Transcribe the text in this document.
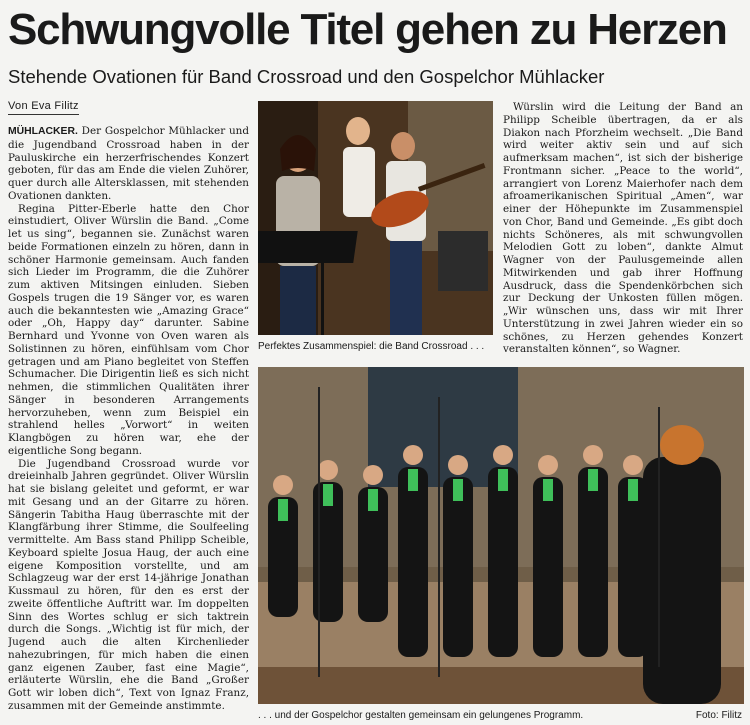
Schwungvolle Titel gehen zu Herzen
Stehende Ovationen für Band Crossroad und den Gospelchor Mühlacker
Von Eva Filitz

MÜHLACKER. Der Gospelchor Mühlacker und die Jugendband Crossroad haben in der Pauluskirche ein herzerfrischendes Konzert geboten, für das am Ende die vielen Zuhörer, quer durch alle Altersklassen, mit stehenden Ovationen dankten.

Regina Pitter-Eberle hatte den Chor einstudiert, Oliver Würslin die Band. „Come let us sing“, begannen sie. Zunächst waren beide Formationen einzeln zu hören, dann in schöner Harmonie gemeinsam. Auch fanden sich Lieder im Programm, die die Zuhörer zum aktiven Mitsingen einluden. Sieben Gospels trugen die 19 Sänger vor, es waren auch die bekanntesten wie „Amazing Grace“ oder „Oh, Happy day“ darunter. Sabine Bernhard und Yvonne von Oven waren als Solistinnen zu hören, einfühlsam vom Chor getragen und am Piano begleitet von Steffen Schumacher. Die Dirigentin ließ es sich nicht nehmen, die stimmlichen Qualitäten ihrer Sänger in besonderen Arrangements hervorzuheben, wenn zum Beispiel ein strahlend helles „Vorwort“ in weiten Klangbögen zu hören war, ehe der eigentliche Song begann.

Die Jugendband Crossroad wurde vor dreieinhalb Jahren gegründet. Oliver Würslin hat sie bislang geleitet und geformt, er war mit Gesang und an der Gitarre zu hören. Sängerin Tabitha Haug überraschte mit der Klangfärbung ihrer Stimme, die Soulfeeling vermittelte. Am Bass stand Philipp Scheible, Keyboard spielte Josua Haug, der auch eine eigene Komposition vorstellte, und am Schlagzeug war der erst 14-jährige Jonathan Kussmaul zu hören, für den es erst der zweite öffentliche Auftritt war. Im doppelten Sinn des Wortes schlug er sich taktrein durch die Songs. „Wichtig ist für mich, der Jugend auch die alten Kirchenlieder nahezubringen, für mich haben die einen ganz eigenen Zauber, fast eine Magie“, erläuterte Würslin, ehe die Band „Großer Gott wir loben dich“, Text von Ignaz Franz, zusammen mit der Gemeinde anstimmte.

Perfektes Zusammenspiel: die Band Crossroad . . .

Würslin wird die Leitung der Band an Philipp Scheible übertragen, da er als Diakon nach Pforzheim wechselt. „Die Band wird weiter aktiv sein und auf sich aufmerksam machen“, ist sich der bisherige Frontmann sicher. „Peace to the world“, arrangiert von Lorenz Maierhofer nach dem afroamerikanischen Spiritual „Amen“, war einer der Höhepunkte im Zusammenspiel von Chor, Band und Gemeinde. „Es gibt doch nichts Schöneres, als mit schwungvollen Melodien Gott zu loben“, dankte Almut Wagner von der Paulusgemeinde allen Mitwirkenden und gab ihrer Hoffnung Ausdruck, dass die Spendenkörbchen sich zur Deckung der Unkosten füllen mögen. „Wir wünschen uns, dass wir mit Ihrer Unterstützung in zwei Jahren wieder ein so schönes, zu Herzen gehendes Konzert veranstalten können“, so Wagner.

. . . und der Gospelchor gestalten gemeinsam ein gelungenes Programm.	Foto: Filitz
